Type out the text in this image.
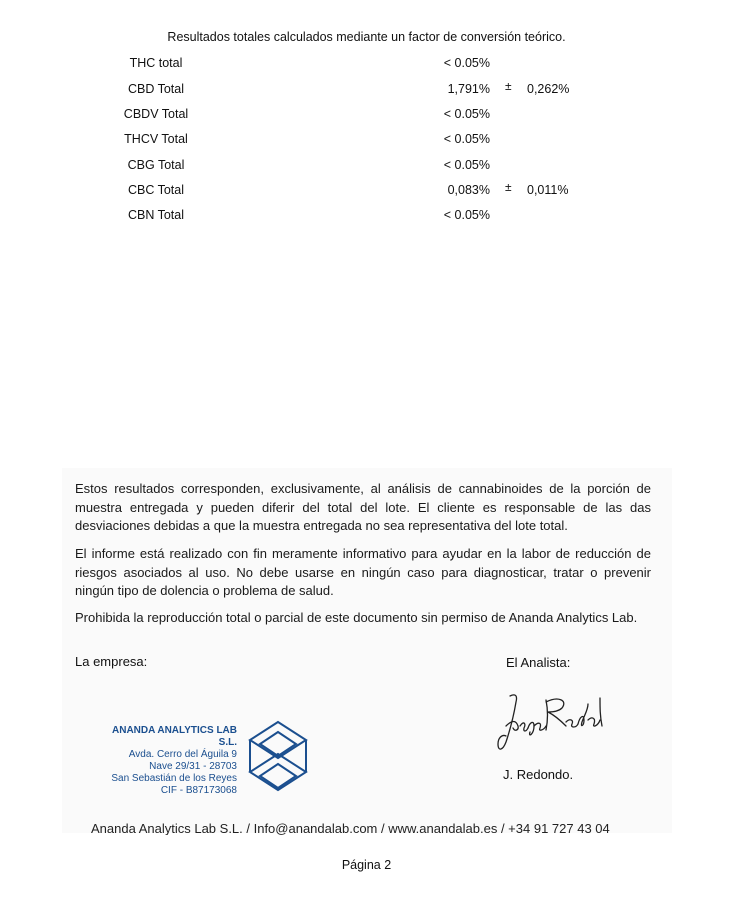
Resultados totales calculados mediante un factor de conversión teórico.
THC total	< 0.05%
CBD Total	1,791% ± 0,262%
CBDV Total	< 0.05%
THCV Total	< 0.05%
CBG Total	< 0.05%
CBC Total	0,083% ± 0,011%
CBN Total	< 0.05%
Estos resultados corresponden, exclusivamente, al análisis de cannabinoides de la porción de muestra entregada y pueden diferir del total del lote. El cliente es responsable de las das desviaciones debidas a que la muestra entregada no sea representativa del lote total.
El informe está realizado con fin meramente informativo para ayudar en la labor de reducción de riesgos asociados al uso. No debe usarse en ningún caso para diagnosticar, tratar o prevenir ningún tipo de dolencia o problema de salud.
Prohibida la reproducción total o parcial de este documento sin permiso de Ananda Analytics Lab.
La empresa:	El Analista:
ANANDA ANALYTICS LAB S.L.
Avda. Cerro del Águila 9
Nave 29/31 - 28703
San Sebastián de los Reyes
CIF - B87173068
J. Redondo.
Ananda Analytics Lab S.L. / Info@anandalab.com / www.anandalab.es / +34 91 727 43 04
Página 2
